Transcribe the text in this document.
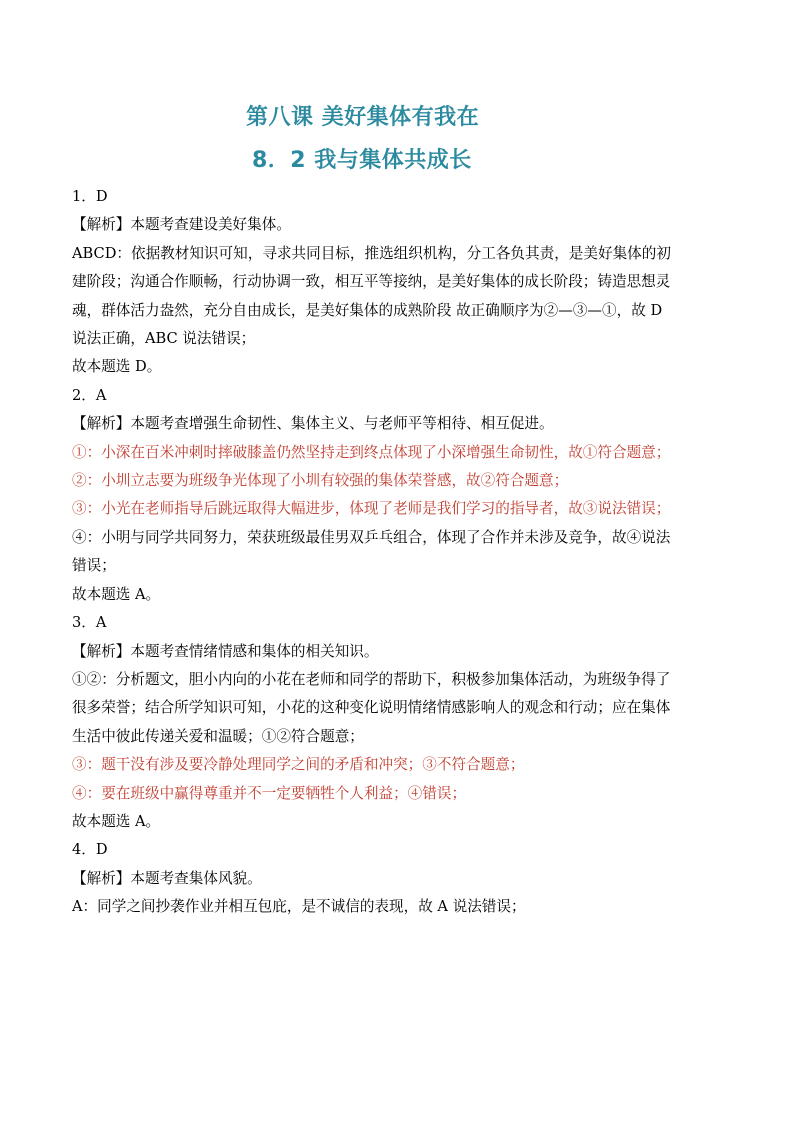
第八课 美好集体有我在
8．2 我与集体共成长
1．D
【解析】本题考查建设美好集体。
ABCD：依据教材知识可知，寻求共同目标，推选组织机构，分工各负其责，是美好集体的初
建阶段；沟通合作顺畅，行动协调一致，相互平等接纳，是美好集体的成长阶段；铸造思想灵
魂，群体活力盎然，充分自由成长，是美好集体的成熟阶段 故正确顺序为②—③—①，故 D
说法正确，ABC 说法错误；
故本题选 D。
2．A
【解析】本题考查增强生命韧性、集体主义、与老师平等相待、相互促进。
①：小深在百米冲刺时摔破膝盖仍然坚持走到终点体现了小深增强生命韧性，故①符合题意；
②：小圳立志要为班级争光体现了小圳有较强的集体荣誉感，故②符合题意；
③：小光在老师指导后跳远取得大幅进步，体现了老师是我们学习的指导者，故③说法错误；
④：小明与同学共同努力，荣获班级最佳男双乒乓组合，体现了合作并未涉及竞争，故④说法
错误；
故本题选 A。
3．A
【解析】本题考查情绪情感和集体的相关知识。
①②：分析题文，胆小内向的小花在老师和同学的帮助下，积极参加集体活动，为班级争得了
很多荣誉；结合所学知识可知，小花的这种变化说明情绪情感影响人的观念和行动；应在集体
生活中彼此传递关爱和温暖；①②符合题意；
③：题干没有涉及要冷静处理同学之间的矛盾和冲突；③不符合题意；
④：要在班级中赢得尊重并不一定要牺牲个人利益；④错误；
故本题选 A。
4．D
【解析】本题考查集体风貌。
A：同学之间抄袭作业并相互包庇，是不诚信的表现，故 A 说法错误；
